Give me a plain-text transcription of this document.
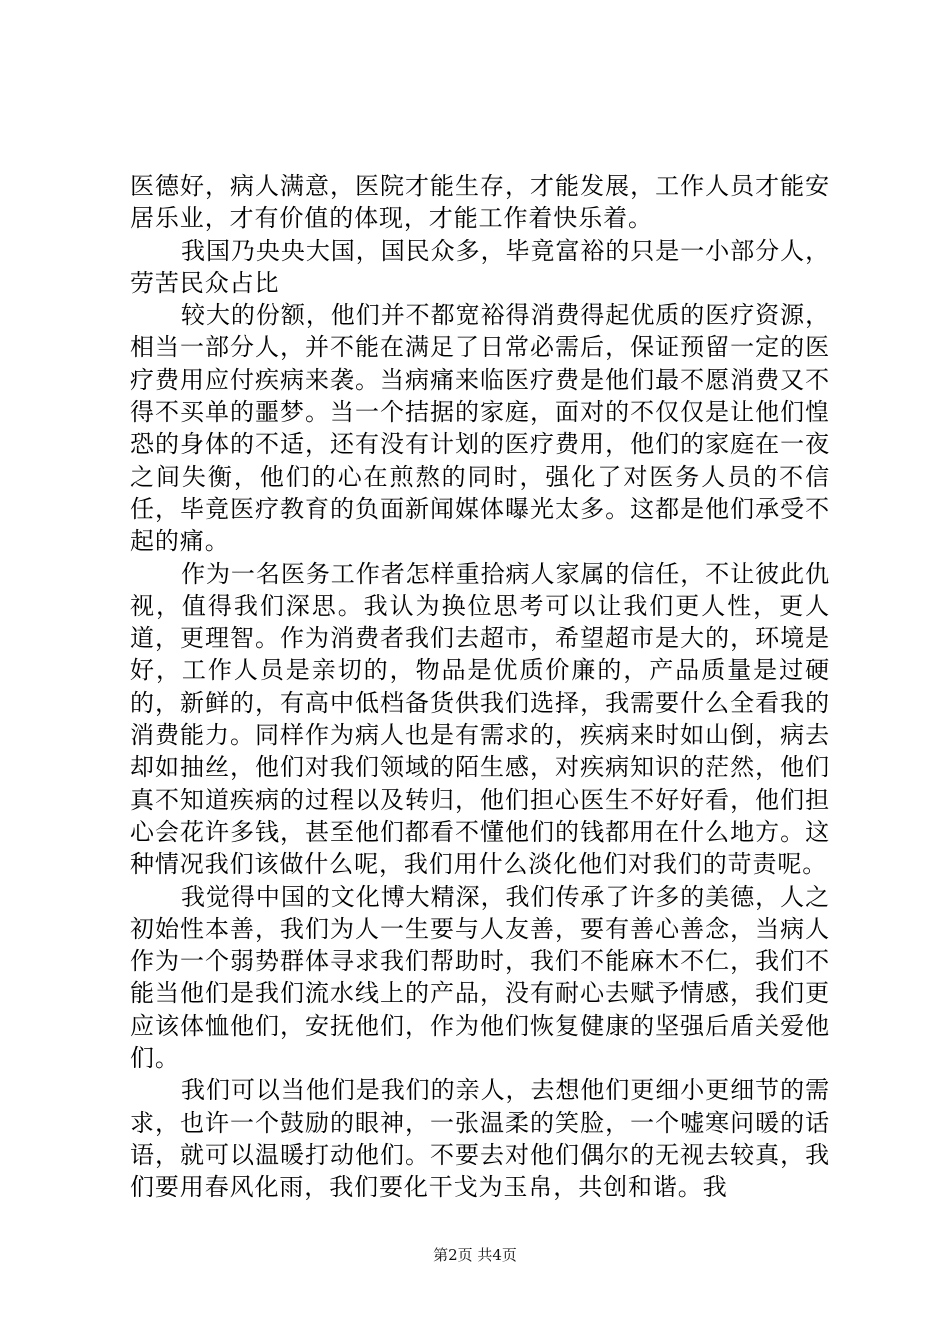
医德好，病人满意，医院才能生存，才能发展，工作人员才能安居乐业，才有价值的体现，才能工作着快乐着。

我国乃央央大国，国民众多，毕竟富裕的只是一小部分人，劳苦民众占比

较大的份额，他们并不都宽裕得消费得起优质的医疗资源，相当一部分人，并不能在满足了日常必需后，保证预留一定的医疗费用应付疾病来袭。当病痛来临医疗费是他们最不愿消费又不得不买单的噩梦。当一个拮据的家庭，面对的不仅仅是让他们惶恐的身体的不适，还有没有计划的医疗费用，他们的家庭在一夜之间失衡，他们的心在煎熬的同时，强化了对医务人员的不信任，毕竟医疗教育的负面新闻媒体曝光太多。这都是他们承受不起的痛。

作为一名医务工作者怎样重拾病人家属的信任，不让彼此仇视，值得我们深思。我认为换位思考可以让我们更人性，更人道，更理智。作为消费者我们去超市，希望超市是大的，环境是好，工作人员是亲切的，物品是优质价廉的，产品质量是过硬的，新鲜的，有高中低档备货供我们选择，我需要什么全看我的消费能力。同样作为病人也是有需求的，疾病来时如山倒，病去却如抽丝，他们对我们领域的陌生感，对疾病知识的茫然，他们真不知道疾病的过程以及转归，他们担心医生不好好看，他们担心会花许多钱，甚至他们都看不懂他们的钱都用在什么地方。这种情况我们该做什么呢，我们用什么淡化他们对我们的苛责呢。

我觉得中国的文化博大精深，我们传承了许多的美德，人之初始性本善，我们为人一生要与人友善，要有善心善念，当病人作为一个弱势群体寻求我们帮助时，我们不能麻木不仁，我们不能当他们是我们流水线上的产品，没有耐心去赋予情感，我们更应该体恤他们，安抚他们，作为他们恢复健康的坚强后盾关爱他们。

我们可以当他们是我们的亲人，去想他们更细小更细节的需求，也许一个鼓励的眼神，一张温柔的笑脸，一个嘘寒问暖的话语，就可以温暖打动他们。不要去对他们偶尔的无视去较真，我们要用春风化雨，我们要化干戈为玉帛，共创和谐。我

第2页 共4页
